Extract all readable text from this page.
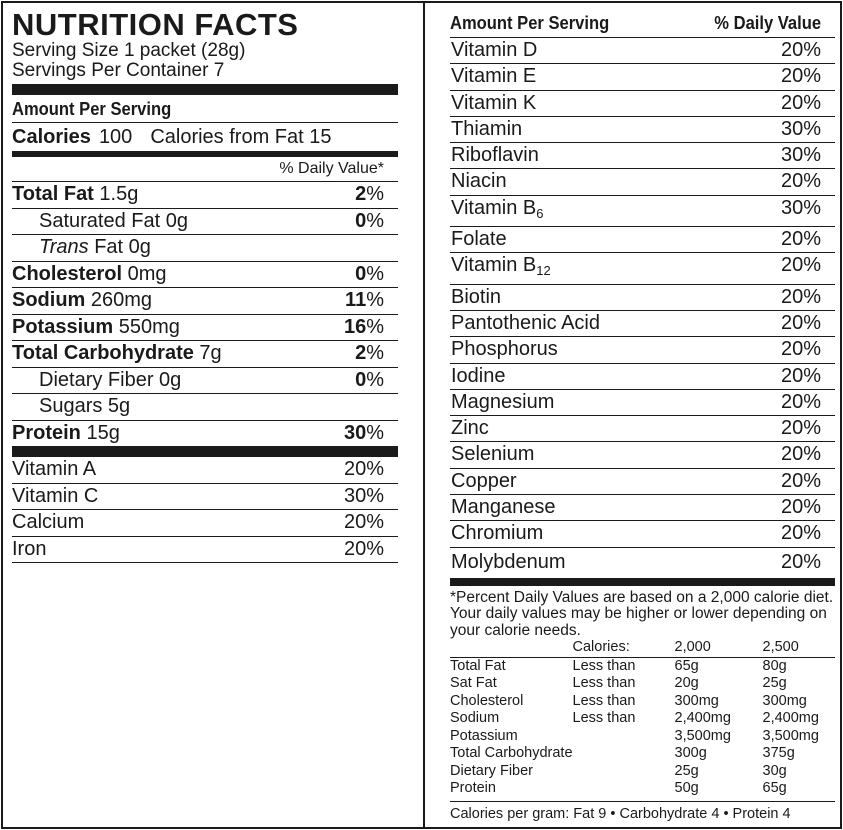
NUTRITION FACTS
Serving Size 1 packet (28g)
Servings Per Container 7
Amount Per Serving
Calories 100 Calories from Fat 15
% Daily Value*
Total Fat 1.5g	2%
Saturated Fat 0g	0%
Trans Fat 0g
Cholesterol 0mg	0%
Sodium 260mg	11%
Potassium 550mg	16%
Total Carbohydrate 7g	2%
Dietary Fiber 0g	0%
Sugars 5g
Protein 15g	30%
Vitamin A	20%
Vitamin C	30%
Calcium	20%
Iron	20%
Amount Per Serving	% Daily Value
Vitamin D	20%
Vitamin E	20%
Vitamin K	20%
Thiamin	30%
Riboflavin	30%
Niacin	20%
Vitamin $B_6$	30%
Folate	20%
Vitamin $B_{12}$	20%
Biotin	20%
Pantothenic Acid	20%
Phosphorus	20%
Iodine	20%
Magnesium	20%
Zinc	20%
Selenium	20%
Copper	20%
Manganese	20%
Chromium	20%
Molybdenum	20%
*Percent Daily Values are based on a 2,000 calorie diet. Your daily values may be higher or lower depending on your calorie needs.
	Calories:	2,000	2,500
Total Fat	Less than	65g	80g
Sat Fat	Less than	20g	25g
Cholesterol	Less than	300mg	300mg
Sodium	Less than	2,400mg	2,400mg
Potassium		3,500mg	3,500mg
Total Carbohydrate		300g	375g
Dietary Fiber		25g	30g
Protein		50g	65g
Calories per gram: Fat 9 • Carbohydrate 4 • Protein 4
